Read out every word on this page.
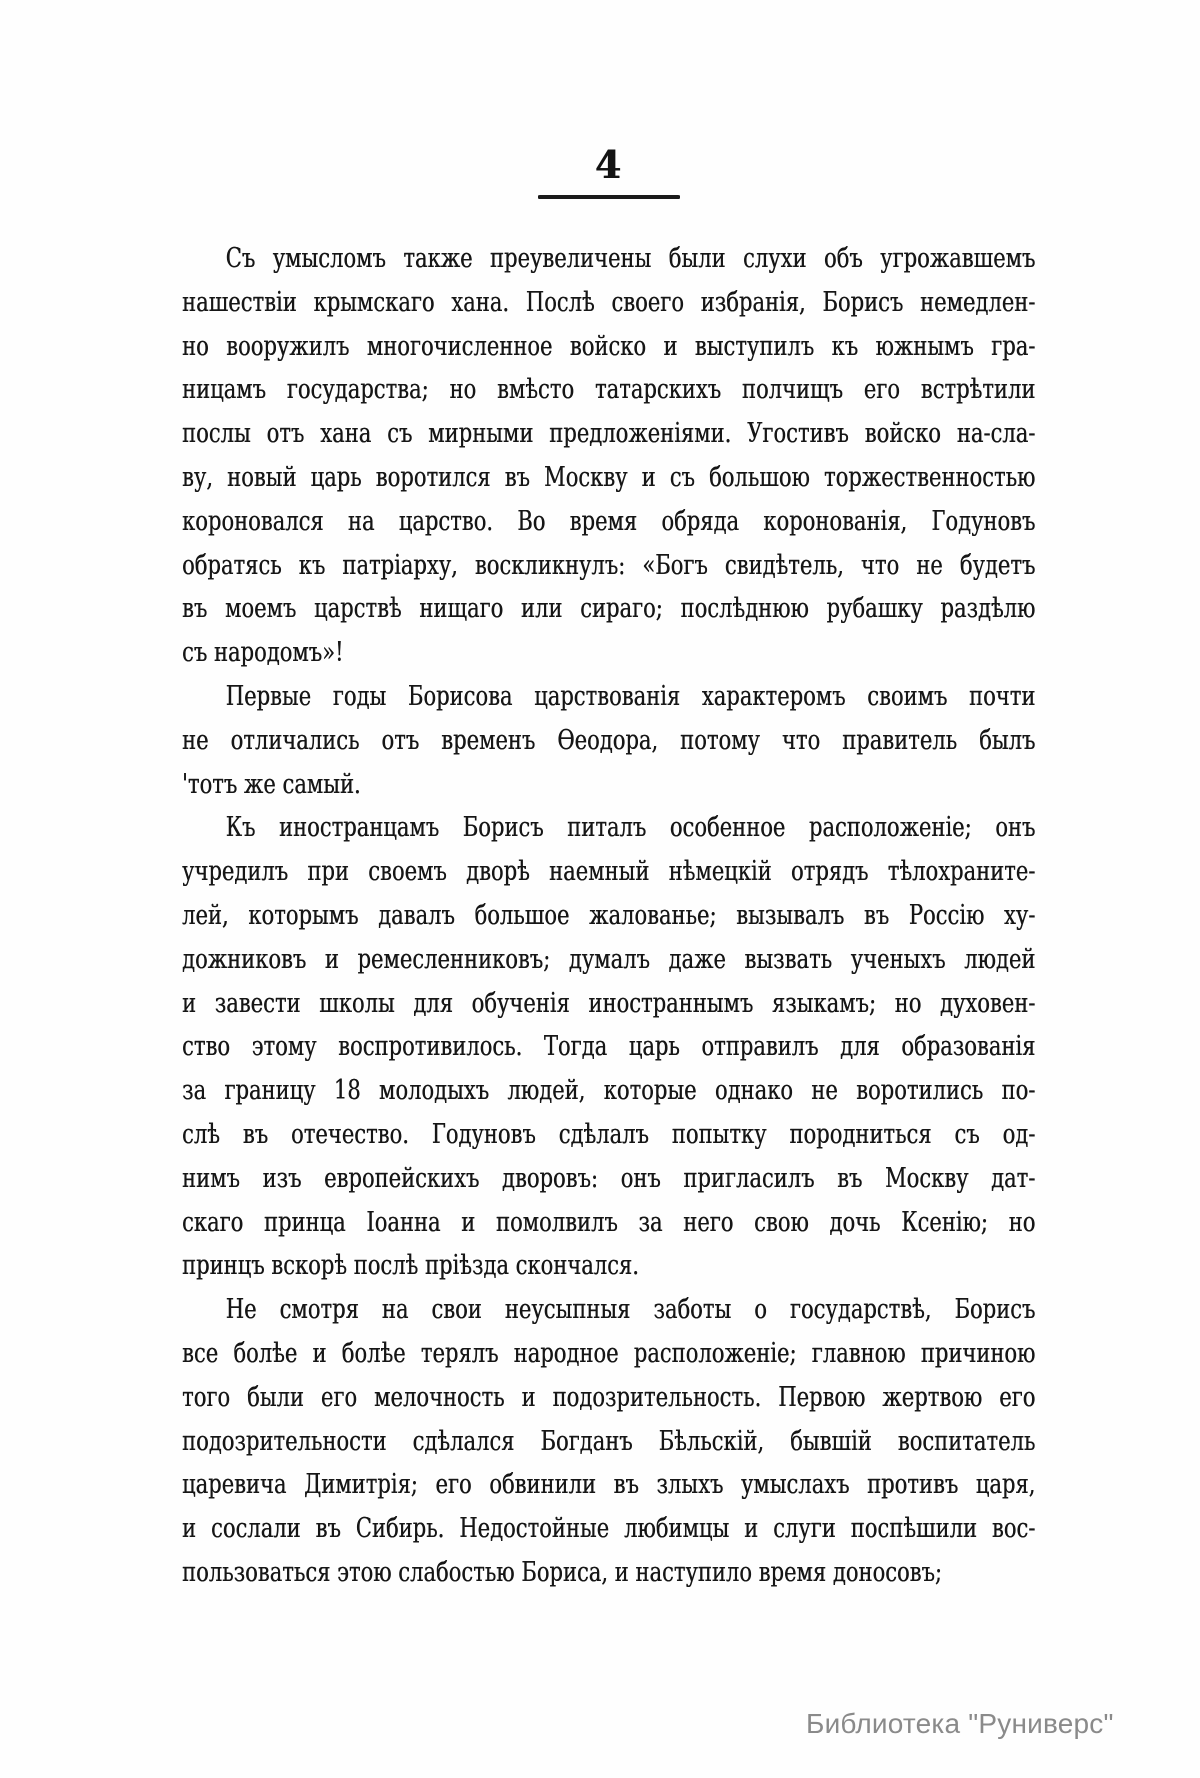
4
Съ умысломъ также преувеличены были слухи объ угрожавшемъ
нашествіи крымскаго хана. Послѣ своего избранія, Борисъ немедлен-
но вооружилъ многочисленное войско и выступилъ къ южнымъ гра-
ницамъ государства; но вмѣсто татарскихъ полчищъ его встрѣтили
послы отъ хана съ мирными предложеніями. Угостивъ войско на-сла-
ву, новый царь воротился въ Москву и съ большою торжественностью
короновался на царство. Во время обряда коронованія, Годуновъ
обратясь къ патріарху, воскликнулъ: «Богъ свидѣтель, что не будетъ
въ моемъ царствѣ нищаго или сираго; послѣднюю рубашку раздѣлю
съ народомъ»!
Первые годы Борисова царствованія характеромъ своимъ почти
не отличались отъ временъ Ѳеодора, потому что правитель былъ
'тотъ же самый.
Къ иностранцамъ Борисъ питалъ особенное расположеніе; онъ
учредилъ при своемъ дворѣ наемный нѣмецкій отрядъ тѣлохраните-
лей, которымъ давалъ большое жалованье; вызывалъ въ Россію ху-
дожниковъ и ремесленниковъ; думалъ даже вызвать ученыхъ людей
и завести школы для обученія иностраннымъ языкамъ; но духовен-
ство этому воспротивилось. Тогда царь отправилъ для образованія
за границу 18 молодыхъ людей, которые однако не воротились по-
слѣ въ отечество. Годуновъ сдѣлалъ попытку породниться съ од-
нимъ изъ европейскихъ дворовъ: онъ пригласилъ въ Москву дат-
скаго принца Іоанна и помолвилъ за него свою дочь Ксенію; но
принцъ вскорѣ послѣ пріѣзда скончался.
Не смотря на свои неусыпныя заботы о государствѣ, Борисъ
все болѣе и болѣе терялъ народное расположеніе; главною причиною
того были его мелочность и подозрительность. Первою жертвою его
подозрительности сдѣлался Богданъ Бѣльскій, бывшій воспитатель
царевича Димитрія; его обвинили въ злыхъ умыслахъ противъ царя,
и сослали въ Сибирь. Недостойные любимцы и слуги поспѣшили вос-
пользоваться этою слабостью Бориса, и наступило время доносовъ;
Библиотека "Руниверс"
